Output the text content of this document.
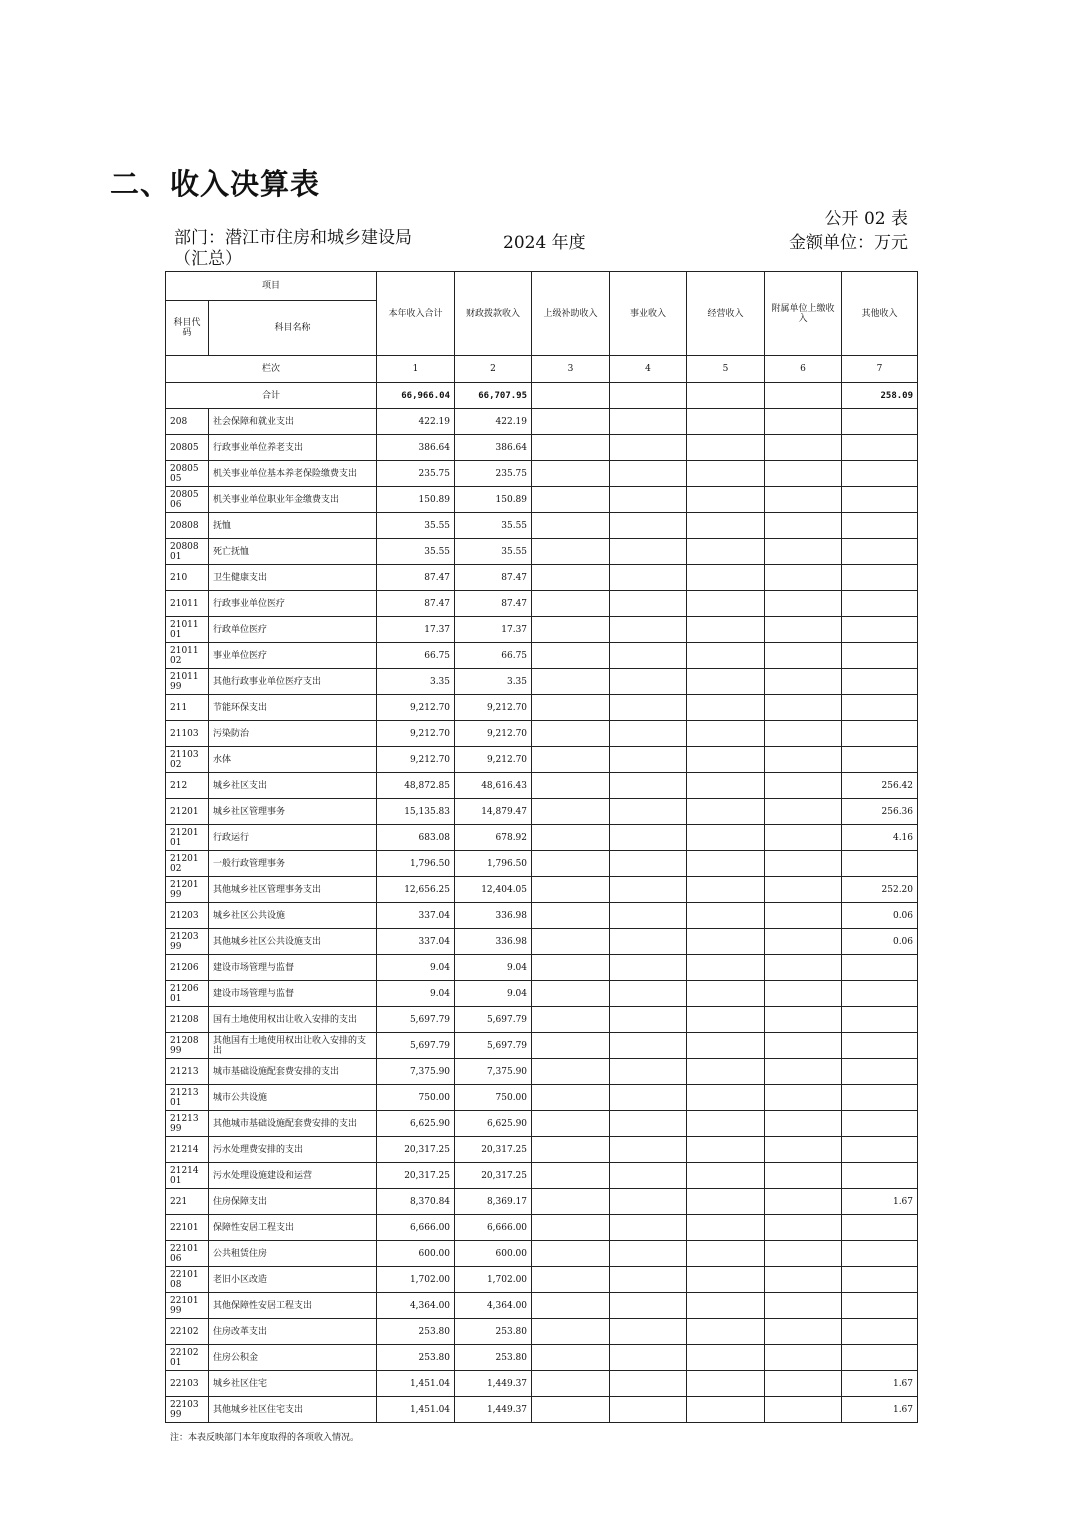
二、收入决算表
公开 02 表
部门：潜江市住房和城乡建设局
（汇总）
2024 年度	金额单位：万元
项目		本年收入合计	财政拨款收入	上级补助收入	事业收入	经营收入	附属单位上缴收入	其他收入
科目代码	科目名称							
栏次		1	2	3	4	5	6	7
合计		66,966.04	66,707.95					258.09
208	社会保障和就业支出	422.19	422.19					
20805	行政事业单位养老支出	386.64	386.64					
2080505	机关事业单位基本养老保险缴费支出	235.75	235.75					
2080506	机关事业单位职业年金缴费支出	150.89	150.89					
20808	抚恤	35.55	35.55					
2080801	死亡抚恤	35.55	35.55					
210	卫生健康支出	87.47	87.47					
21011	行政事业单位医疗	87.47	87.47					
2101101	行政单位医疗	17.37	17.37					
2101102	事业单位医疗	66.75	66.75					
2101199	其他行政事业单位医疗支出	3.35	3.35					
211	节能环保支出	9,212.70	9,212.70					
21103	污染防治	9,212.70	9,212.70					
2110302	水体	9,212.70	9,212.70					
212	城乡社区支出	48,872.85	48,616.43					256.42
21201	城乡社区管理事务	15,135.83	14,879.47					256.36
2120101	行政运行	683.08	678.92					4.16
2120102	一般行政管理事务	1,796.50	1,796.50					
2120199	其他城乡社区管理事务支出	12,656.25	12,404.05					252.20
21203	城乡社区公共设施	337.04	336.98					0.06
2120399	其他城乡社区公共设施支出	337.04	336.98					0.06
21206	建设市场管理与监督	9.04	9.04					
2120601	建设市场管理与监督	9.04	9.04					
21208	国有土地使用权出让收入安排的支出	5,697.79	5,697.79					
2120899	其他国有土地使用权出让收入安排的支出	5,697.79	5,697.79					
21213	城市基础设施配套费安排的支出	7,375.90	7,375.90					
2121301	城市公共设施	750.00	750.00					
2121399	其他城市基础设施配套费安排的支出	6,625.90	6,625.90					
21214	污水处理费安排的支出	20,317.25	20,317.25					
2121401	污水处理设施建设和运营	20,317.25	20,317.25					
221	住房保障支出	8,370.84	8,369.17					1.67
22101	保障性安居工程支出	6,666.00	6,666.00					
2210106	公共租赁住房	600.00	600.00					
2210108	老旧小区改造	1,702.00	1,702.00					
2210199	其他保障性安居工程支出	4,364.00	4,364.00					
22102	住房改革支出	253.80	253.80					
2210201	住房公积金	253.80	253.80					
22103	城乡社区住宅	1,451.04	1,449.37					1.67
2210399	其他城乡社区住宅支出	1,451.04	1,449.37					1.67
注：本表反映部门本年度取得的各项收入情况。
